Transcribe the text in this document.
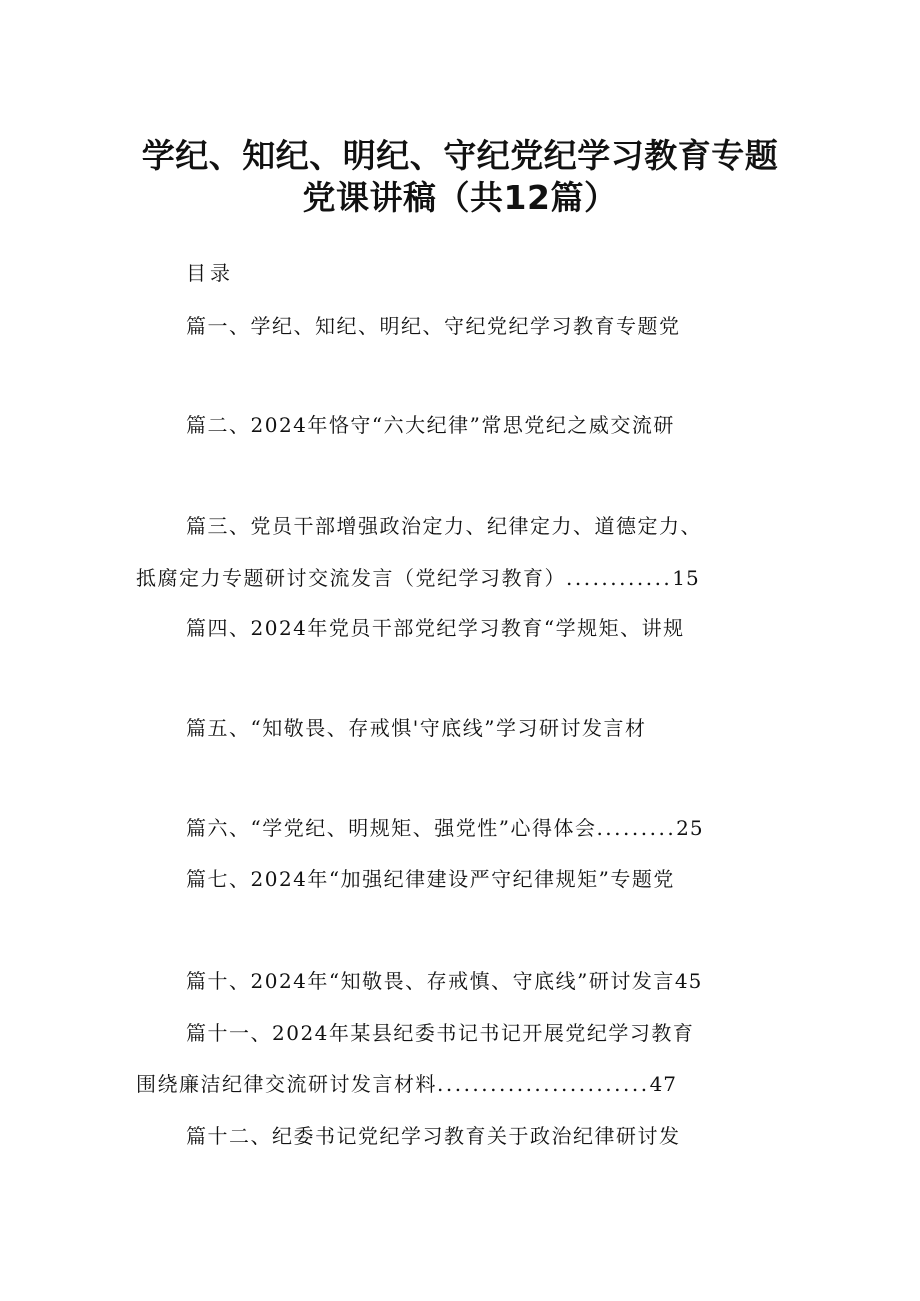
学纪、知纪、明纪、守纪党纪学习教育专题
党课讲稿（共12篇）
目录
篇一、学纪、知纪、明纪、守纪党纪学习教育专题党
篇二、2024年恪守“六大纪律”常思党纪之威交流研
篇三、党员干部增强政治定力、纪律定力、道德定力、
抵腐定力专题研讨交流发言（党纪学习教育）............15
篇四、2024年党员干部党纪学习教育“学规矩、讲规
篇五、“知敬畏、存戒惧'守底线”学习研讨发言材
篇六、“学党纪、明规矩、强党性”心得体会.........25
篇七、2024年“加强纪律建设严守纪律规矩”专题党
篇十、2024年“知敬畏、存戒慎、守底线”研讨发言45
篇十一、2024年某县纪委书记书记开展党纪学习教育
围绕廉洁纪律交流研讨发言材料........................47
篇十二、纪委书记党纪学习教育关于政治纪律研讨发
